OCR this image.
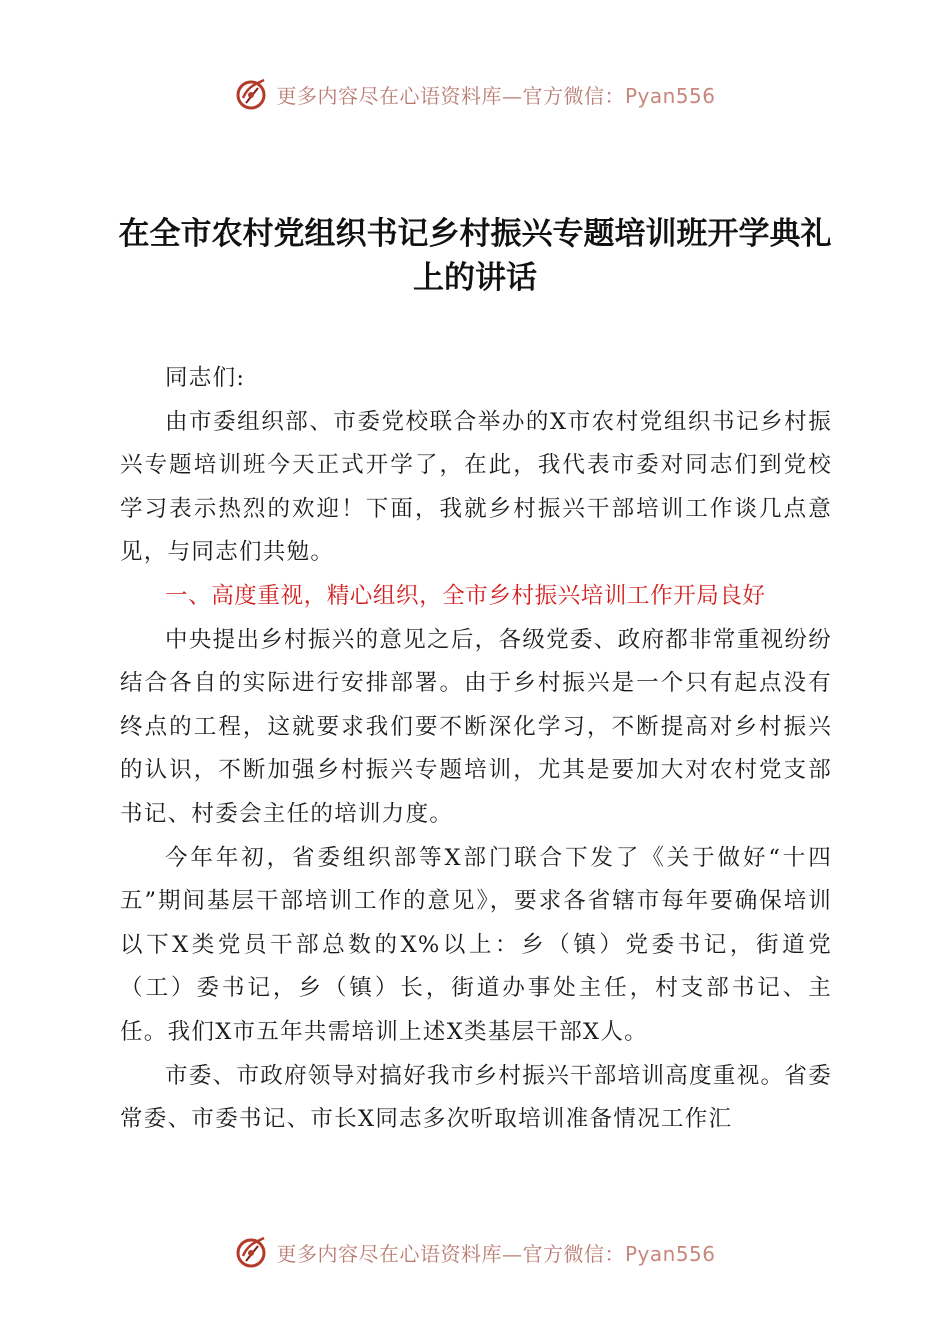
更多内容尽在心语资料库—官方微信：Pyan556
在全市农村党组织书记乡村振兴专题培训班开学典礼上的讲话

同志们:

由市委组织部、市委党校联合举办的X市农村党组织书记乡村振兴专题培训班今天正式开学了，在此，我代表市委对同志们到党校学习表示热烈的欢迎！下面，我就乡村振兴干部培训工作谈几点意见，与同志们共勉。

一、高度重视，精心组织，全市乡村振兴培训工作开局良好

中央提出乡村振兴的意见之后，各级党委、政府都非常重视纷纷结合各自的实际进行安排部署。由于乡村振兴是一个只有起点没有终点的工程，这就要求我们要不断深化学习，不断提高对乡村振兴的认识，不断加强乡村振兴专题培训，尤其是要加大对农村党支部书记、村委会主任的培训力度。

今年年初，省委组织部等X部门联合下发了《关于做好“十四五”期间基层干部培训工作的意见》，要求各省辖市每年要确保培训以下X类党员干部总数的X%以上：乡（镇）党委书记，街道党（工）委书记，乡（镇）长，街道办事处主任，村支部书记、主任。我们X市五年共需培训上述X类基层干部X人。

市委、市政府领导对搞好我市乡村振兴干部培训高度重视。省委常委、市委书记、市长X同志多次听取培训准备情况工作汇

更多内容尽在心语资料库—官方微信：Pyan556
